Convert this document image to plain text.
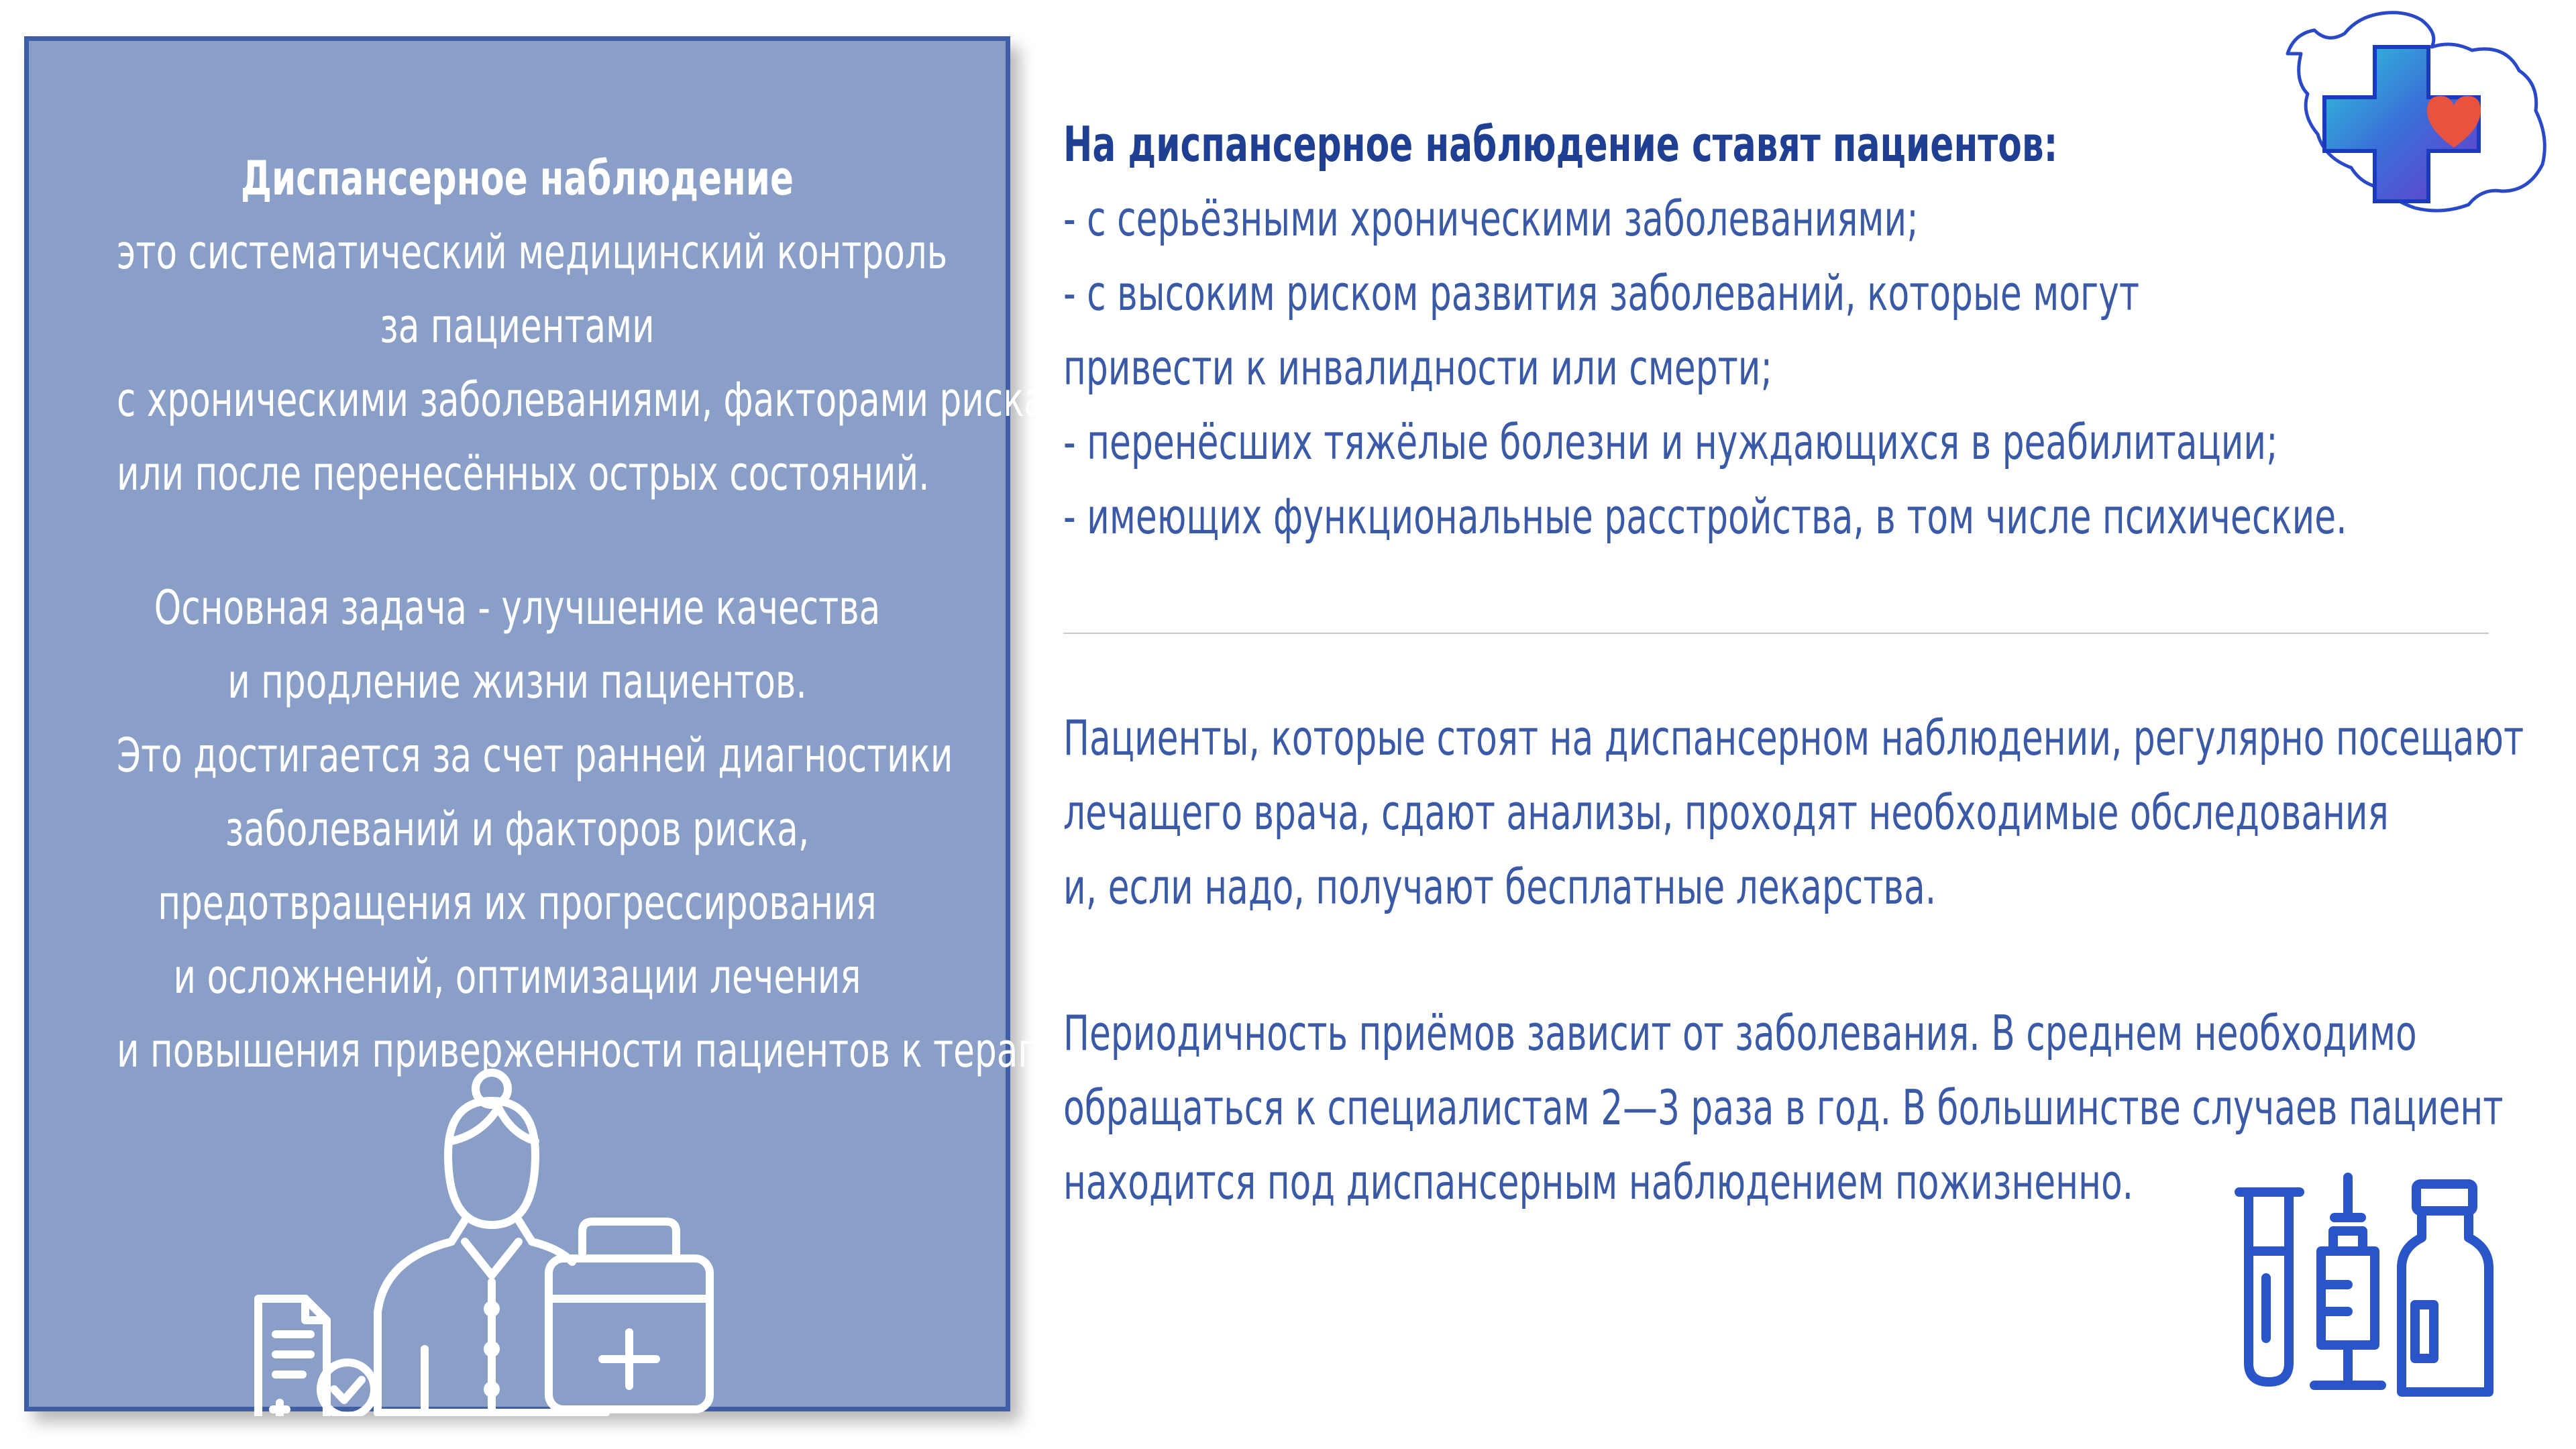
Диспансерное наблюдение
это систематический медицинский контроль
за пациентами
с хроническими заболеваниями, факторами риска
или после перенесённых острых состояний.
Основная задача - улучшение качества
и продление жизни пациентов.
Это достигается за счет ранней диагностики
заболеваний и факторов риска,
предотвращения их прогрессирования
и осложнений, оптимизации лечения
и повышения приверженности пациентов к терапии.
На диспансерное наблюдение ставят пациентов:
- с серьёзными хроническими заболеваниями;
- с высоким риском развития заболеваний, которые могут
привести к инвалидности или смерти;
- перенёсших тяжёлые болезни и нуждающихся в реабилитации;
- имеющих функциональные расстройства, в том числе психические.
Пациенты, которые стоят на диспансерном наблюдении, регулярно посещают
лечащего врача, сдают анализы, проходят необходимые обследования
и, если надо, получают бесплатные лекарства.
Периодичность приёмов зависит от заболевания. В среднем необходимо
обращаться к специалистам 2—3 раза в год. В большинстве случаев пациент
находится под диспансерным наблюдением пожизненно.
